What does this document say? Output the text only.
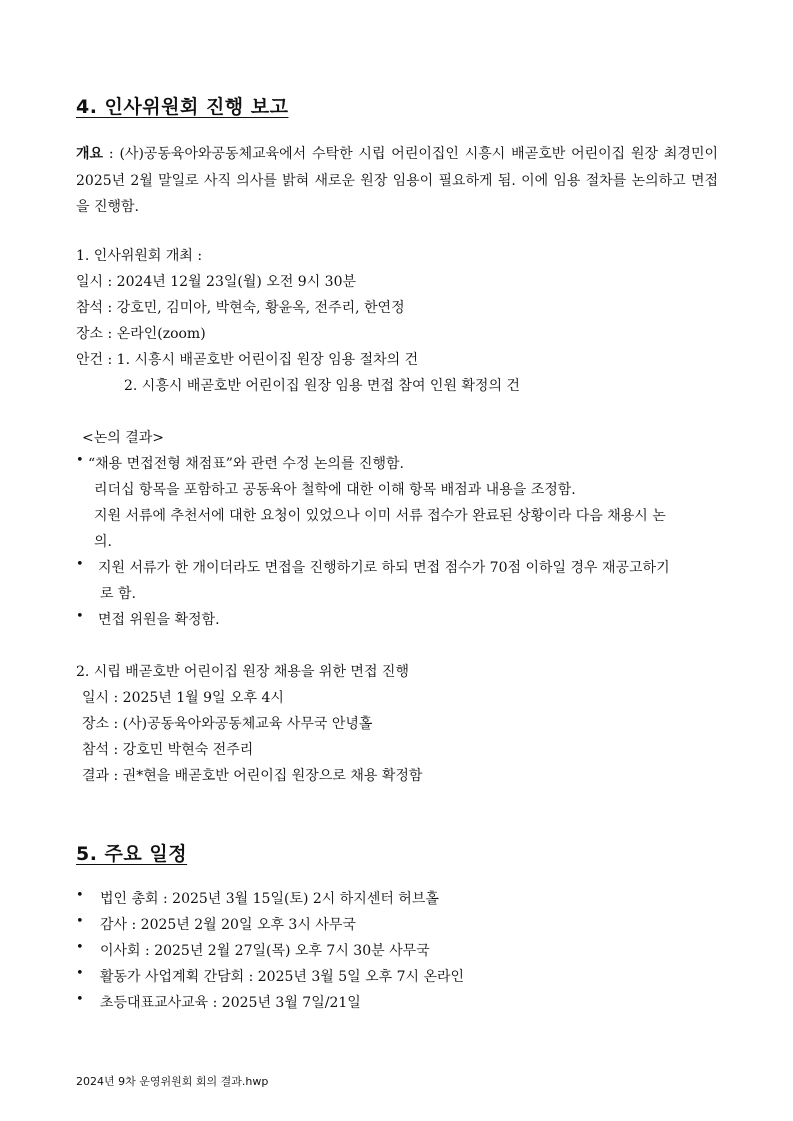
4. 인사위원회 진행 보고
개요 : (사)공동육아와공동체교육에서 수탁한 시립 어린이집인 시흥시 배곧호반 어린이집 원장 최경민이 2025년 2월 말일로 사직 의사를 밝혀 새로운 원장 임용이 필요하게 됨. 이에 임용 절차를 논의하고 면접을 진행함.
1. 인사위원회 개최 :
일시 : 2024년 12월 23일(월) 오전 9시 30분
참석 : 강호민, 김미아, 박현숙, 황윤옥, 전주리, 한연정
장소 : 온라인(zoom)
안건 : 1. 시흥시 배곧호반 어린이집 원장 임용 절차의 건
2. 시흥시 배곧호반 어린이집 원장 임용 면접 참여 인원 확정의 건
<논의 결과>
• “채용 면접전형 채점표”와 관련 수정 논의를 진행함.
리더십 항목을 포함하고 공동육아 철학에 대한 이해 항목 배점과 내용을 조정함.
지원 서류에 추천서에 대한 요청이 있었으나 이미 서류 접수가 완료된 상황이라 다음 채용시 논
의.
• 지원 서류가 한 개이더라도 면접을 진행하기로 하되 면접 점수가 70점 이하일 경우 재공고하기
로 함.
• 면접 위원을 확정함.
2. 시립 배곧호반 어린이집 원장 채용을 위한 면접 진행
일시 : 2025년 1월 9일 오후 4시
장소 : (사)공동육아와공동체교육 사무국 안녕홀
참석 : 강호민 박현숙 전주리
결과 : 권*현을 배곧호반 어린이집 원장으로 채용 확정함
5. 주요 일정
• 법인 총회 : 2025년 3월 15일(토) 2시 하지센터 허브홀
• 감사 : 2025년 2월 20일 오후 3시 사무국
• 이사회 : 2025년 2월 27일(목) 오후 7시 30분 사무국
• 활동가 사업계획 간담회 : 2025년 3월 5일 오후 7시 온라인
• 초등대표교사교육 : 2025년 3월 7일/21일
2024년 9차 운영위원회 회의 결과.hwp
